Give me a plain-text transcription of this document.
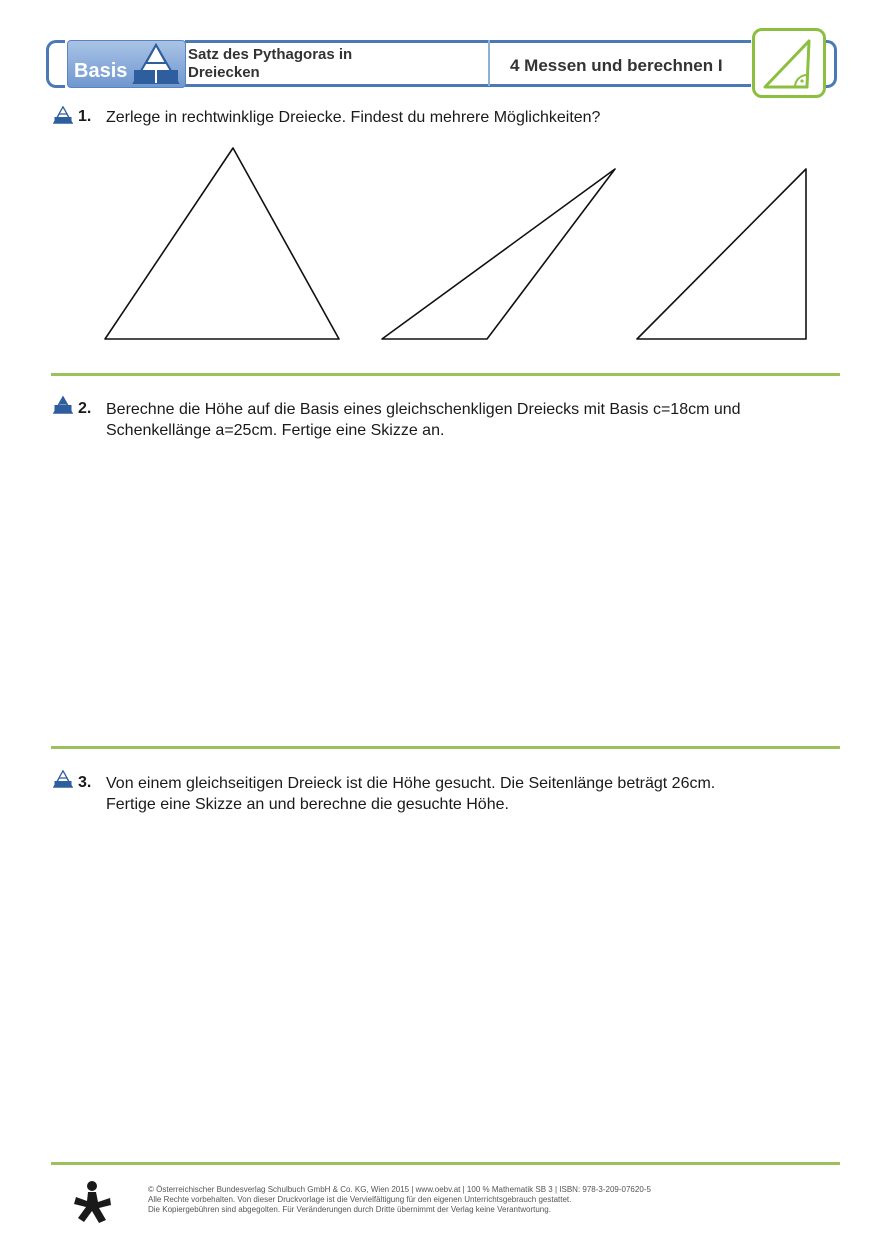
Basis
Satz des Pythagoras in
Dreiecken	4 Messen und berechnen I
1. Zerlege in rechtwinklige Dreiecke. Findest du mehrere Möglichkeiten?
2. Berechne die Höhe auf die Basis eines gleichschenkligen Dreiecks mit Basis c=18cm und
Schenkellänge a=25cm. Fertige eine Skizze an.
3. Von einem gleichseitigen Dreieck ist die Höhe gesucht. Die Seitenlänge beträgt 26cm.
Fertige eine Skizze an und berechne die gesuchte Höhe.
© Österreichischer Bundesverlag Schulbuch GmbH & Co. KG, Wien 2015 | www.oebv.at | 100 % Mathematik SB 3 | ISBN: 978-3-209-07620-5
Alle Rechte vorbehalten. Von dieser Druckvorlage ist die Vervielfältigung für den eigenen Unterrichtsgebrauch gestattet.
Die Kopiergebühren sind abgegolten. Für Veränderungen durch Dritte übernimmt der Verlag keine Verantwortung.
